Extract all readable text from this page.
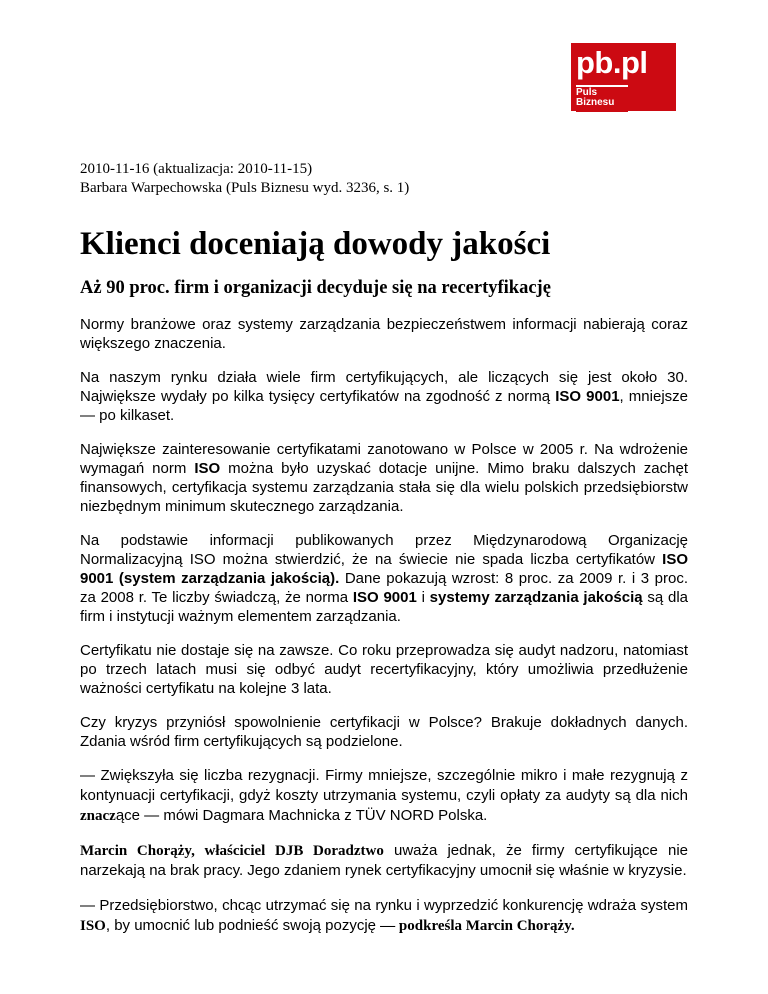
pb.pl
Puls
Biznesu
2010-11-16 (aktualizacja: 2010-11-15)
Barbara Warpechowska (Puls Biznesu wyd. 3236, s. 1)
Klienci doceniają dowody jakości
Aż 90 proc. firm i organizacji decyduje się na recertyfikację

Normy branżowe oraz systemy zarządzania bezpieczeństwem informacji nabierają coraz większego znaczenia.

Na naszym rynku działa wiele firm certyfikujących, ale liczących się jest około 30. Największe wydały po kilka tysięcy certyfikatów na zgodność z normą ISO 9001, mniejsze — po kilkaset.

Największe zainteresowanie certyfikatami zanotowano w Polsce w 2005 r. Na wdrożenie wymagań norm ISO można było uzyskać dotacje unijne. Mimo braku dalszych zachęt finansowych, certyfikacja systemu zarządzania stała się dla wielu polskich przedsiębiorstw niezbędnym minimum skutecznego zarządzania.

Na podstawie informacji publikowanych przez Międzynarodową Organizację Normalizacyjną ISO można stwierdzić, że na świecie nie spada liczba certyfikatów ISO 9001 (system zarządzania jakością). Dane pokazują wzrost: 8 proc. za 2009 r. i 3 proc. za 2008 r. Te liczby świadczą, że norma ISO 9001 i systemy zarządzania jakością są dla firm i instytucji ważnym elementem zarządzania.

Certyfikatu nie dostaje się na zawsze. Co roku przeprowadza się audyt nadzoru, natomiast po trzech latach musi się odbyć audyt recertyfikacyjny, który umożliwia przedłużenie ważności certyfikatu na kolejne 3 lata.

Czy kryzys przyniósł spowolnienie certyfikacji w Polsce? Brakuje dokładnych danych. Zdania wśród firm certyfikujących są podzielone.

— Zwiększyła się liczba rezygnacji. Firmy mniejsze, szczególnie mikro i małe rezygnują z kontynuacji certyfikacji, gdyż koszty utrzymania systemu, czyli opłaty za audyty są dla nich znaczące — mówi Dagmara Machnicka z TÜV NORD Polska.

Marcin Chorąży, właściciel DJB Doradztwo uważa jednak, że firmy certyfikujące nie narzekają na brak pracy. Jego zdaniem rynek certyfikacyjny umocnił się właśnie w kryzysie.

— Przedsiębiorstwo, chcąc utrzymać się na rynku i wyprzedzić konkurencję wdraża system ISO, by umocnić lub podnieść swoją pozycję — podkreśla Marcin Chorąży.
